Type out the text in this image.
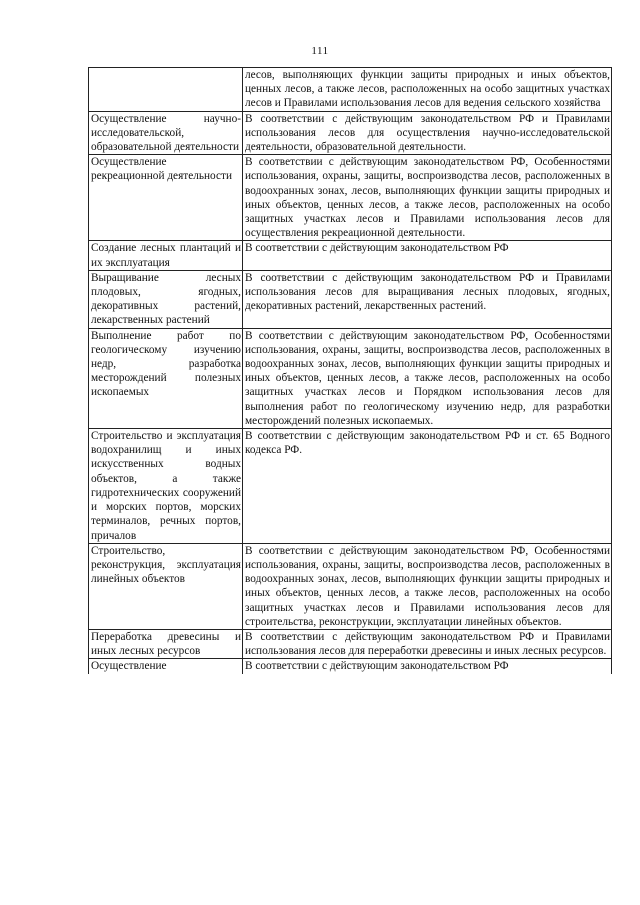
111
	лесов, выполняющих функции защиты природных и иных объектов, ценных лесов, а также лесов, расположенных на особо защитных участках лесов и Правилами использования лесов для ведения сельского хозяйства
Осуществление научно-исследовательской, образовательной деятельности	В соответствии с действующим законодательством РФ и Правилами использования лесов для осуществления научно-исследовательской деятельности, образовательной деятельности.
Осуществление рекреационной деятельности	В соответствии с действующим законодательством РФ, Особенностями использования, охраны, защиты, воспроизводства лесов, расположенных в водоохранных зонах, лесов, выполняющих функции защиты природных и иных объектов, ценных лесов, а также лесов, расположенных на особо защитных участках лесов и Правилами использования лесов для осуществления рекреационной деятельности.
Создание лесных плантаций и их эксплуатация	В соответствии с действующим законодательством РФ
Выращивание лесных плодовых, ягодных, декоративных растений, лекарственных растений	В соответствии с действующим законодательством РФ и Правилами использования лесов для выращивания лесных плодовых, ягодных, декоративных растений, лекарственных растений.
Выполнение работ по геологическому изучению недр, разработка месторождений полезных ископаемых	В соответствии с действующим законодательством РФ, Особенностями использования, охраны, защиты, воспроизводства лесов, расположенных в водоохранных зонах, лесов, выполняющих функции защиты природных и иных объектов, ценных лесов, а также лесов, расположенных на особо защитных участках лесов и Порядком использования лесов для выполнения работ по геологическому изучению недр, для разработки месторождений полезных ископаемых.
Строительство и эксплуатация водохранилищ и иных искусственных водных объектов, а также гидротехнических сооружений и морских портов, морских терминалов, речных портов, причалов	В соответствии с действующим законодательством РФ и ст. 65 Водного кодекса РФ.
Строительство, реконструкция, эксплуатация линейных объектов	В соответствии с действующим законодательством РФ, Особенностями использования, охраны, защиты, воспроизводства лесов, расположенных в водоохранных зонах, лесов, выполняющих функции защиты природных и иных объектов, ценных лесов, а также лесов, расположенных на особо защитных участках лесов и Правилами использования лесов для строительства, реконструкции, эксплуатации линейных объектов.
Переработка древесины и иных лесных ресурсов	В соответствии с действующим законодательством РФ и Правилами использования лесов для переработки древесины и иных лесных ресурсов.
Осуществление	В соответствии с действующим законодательством РФ
